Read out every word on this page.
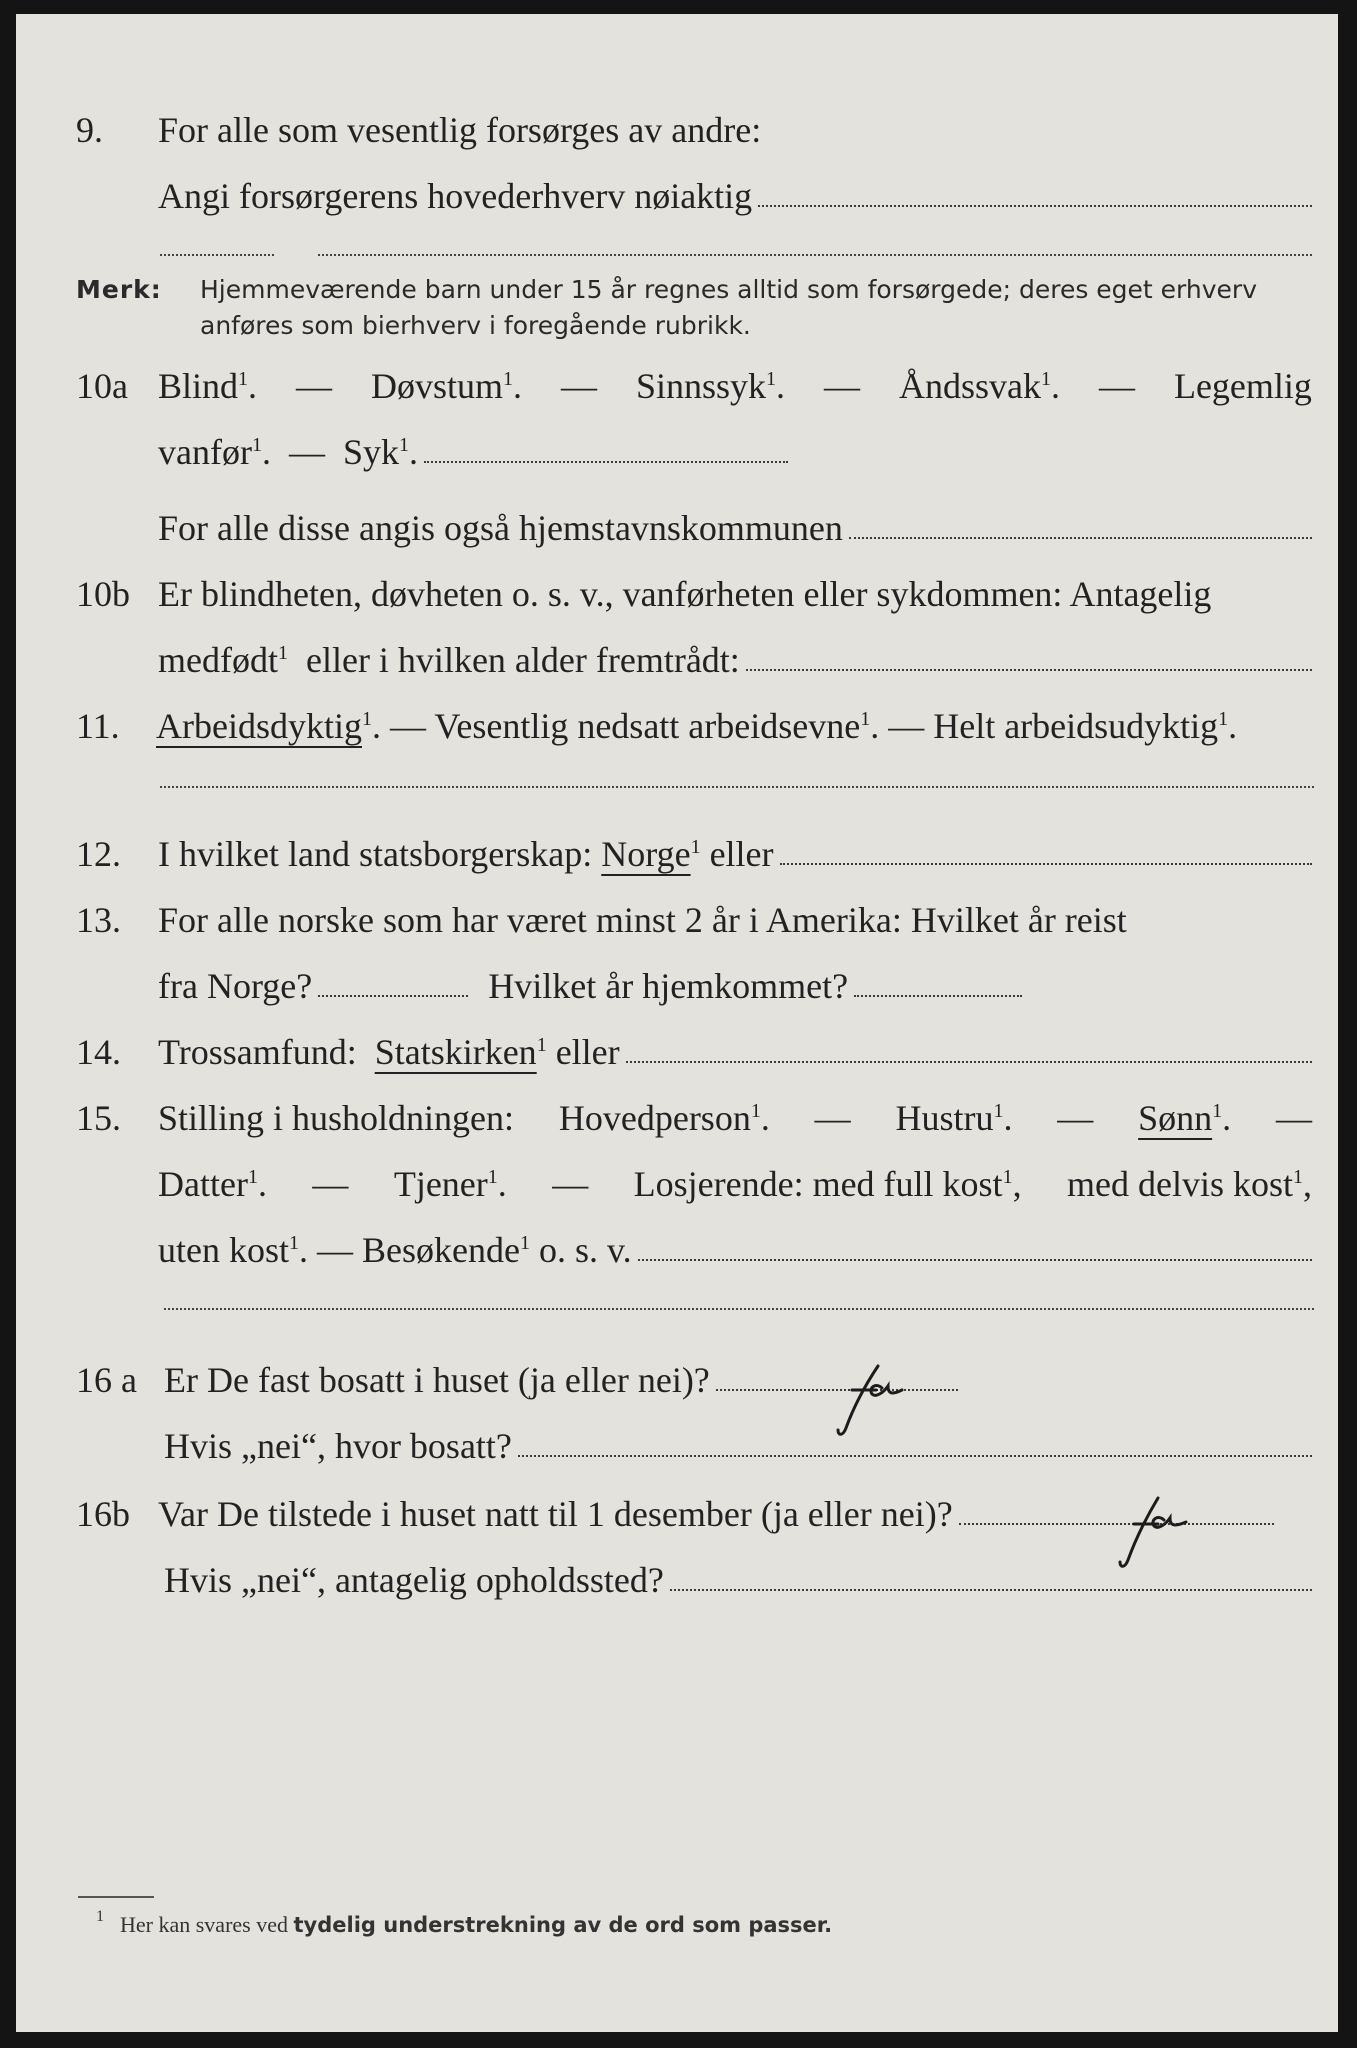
9. For alle som vesentlig forsørges av andre:
Angi forsørgerens hovederhverv nøiaktig
Merk: Hjemmeværende barn under 15 år regnes alltid som forsørgede; deres eget erhverv
anføres som bierhverv i foregående rubrikk.
10a Blind$^1$. — Døvstum$^1$. — Sinnssyk$^1$. — Åndssvak$^1$. — Legemlig
vanfør$^1$.  — Syk$^1$.
For alle disse angis også hjemstavnskommunen
10b Er blindheten, døvheten o. s. v., vanførheten eller sykdommen: Antagelig
medfødt$^1$ eller i hvilken alder fremtrådt:
11. Arbeidsdyktig$^1$. — Vesentlig nedsatt arbeidsevne$^1$. — Helt arbeidsudyktig$^1$.
12. I hvilket land statsborgerskap: Norge$^1$ eller
13. For alle norske som har været minst 2 år i Amerika: Hvilket år reist
fra Norge?	Hvilket år hjemkommet?
14. Trossamfund: Statskirken$^1$ eller
15. Stilling i husholdningen: Hovedperson$^1$. — Hustru$^1$. — Sønn$^1$. —
Datter$^1$. — Tjener$^1$. — Losjerende: med full kost$^1$, med delvis kost$^1$,
uten kost$^1$. — Besøkende$^1$ o. s. v.
16 a Er De fast bosatt i huset (ja eller nei)?	ja
Hvis „nei“, hvor bosatt?
16b Var De tilstede i huset natt til 1 desember (ja eller nei)?	ja
Hvis „nei“, antagelig opholdssted?
1 Her kan svares ved tydelig understrekning av de ord som passer.
